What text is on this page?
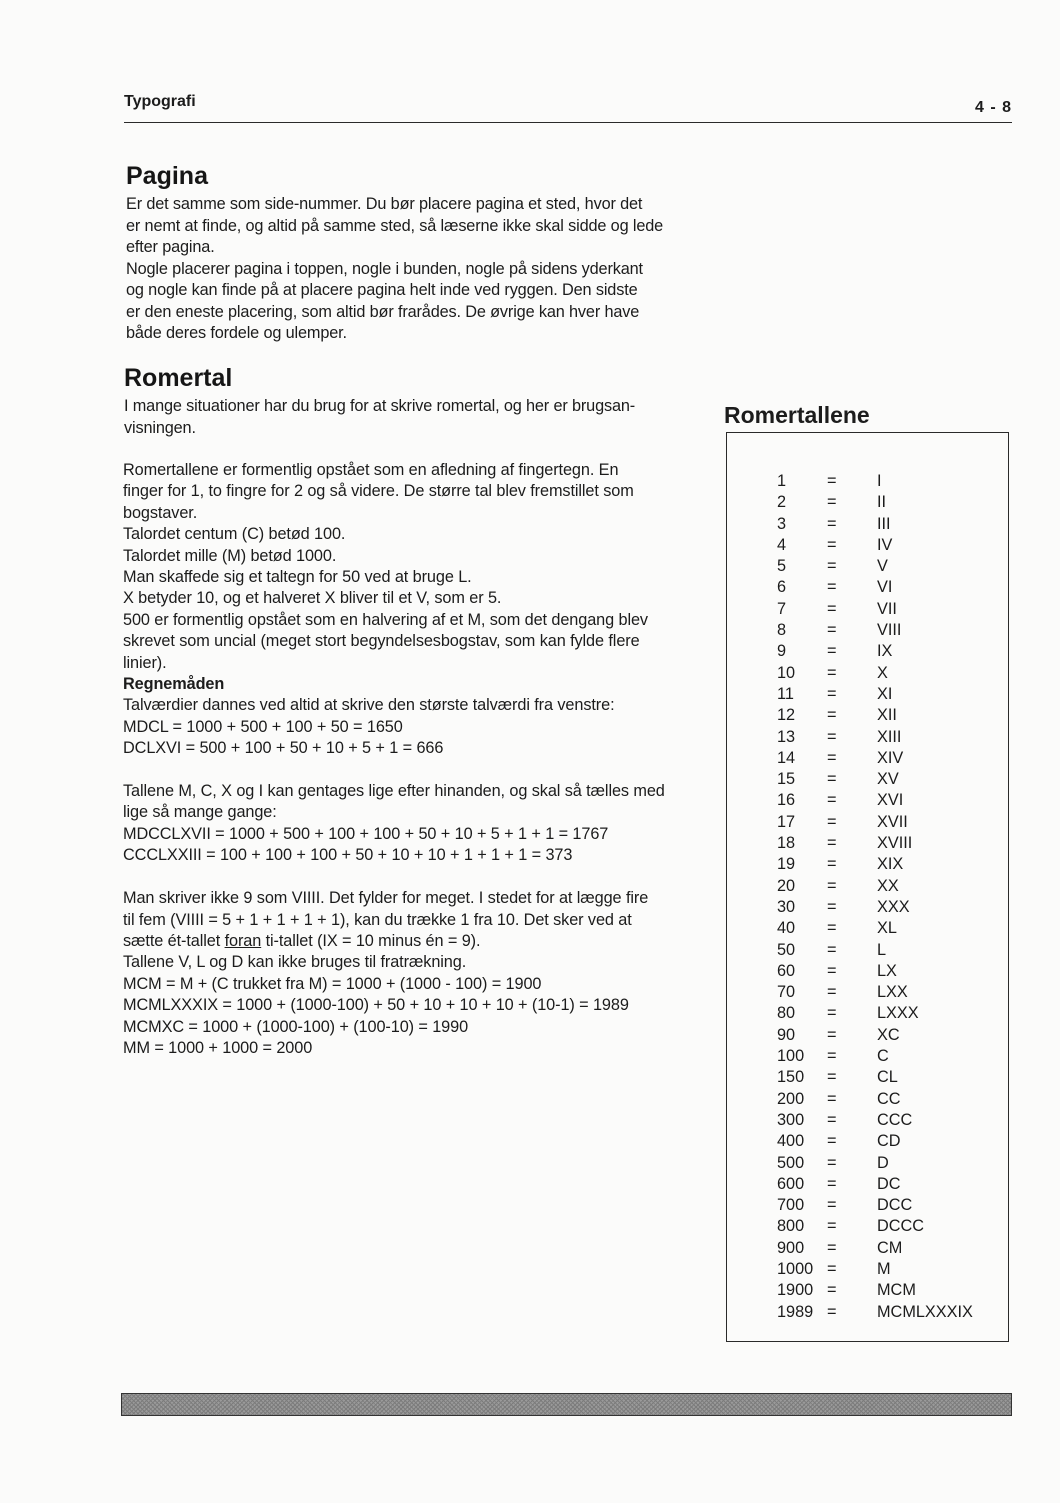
Typografi	4 - 8
Pagina
Er det samme som side-nummer. Du bør placere pagina et sted, hvor det
er nemt at finde, og altid på samme sted, så læserne ikke skal sidde og lede
efter pagina.
Nogle placerer pagina i toppen, nogle i bunden, nogle på sidens yderkant
og nogle kan finde på at placere pagina helt inde ved ryggen. Den sidste
er den eneste placering, som altid bør frarådes. De øvrige kan hver have
både deres fordele og ulemper.
Romertal
I mange situationer har du brug for at skrive romertal, og her er brugsan-
visningen.
Romertallene er formentlig opstået som en afledning af fingertegn. En
finger for 1, to fingre for 2 og så videre. De større tal blev fremstillet som
bogstaver.
Talordet centum (C) betød 100.
Talordet mille (M) betød 1000.
Man skaffede sig et taltegn for 50 ved at bruge L.
X betyder 10, og et halveret X bliver til et V, som er 5.
500 er formentlig opstået som en halvering af et M, som det dengang blev
skrevet som uncial (meget stort begyndelsesbogstav, som kan fylde flere
linier).
Regnemåden
Talværdier dannes ved altid at skrive den største talværdi fra venstre:
MDCL = 1000 + 500 + 100 + 50 = 1650
DCLXVI = 500 + 100 + 50 + 10 + 5 + 1 = 666
Tallene M, C, X og I kan gentages lige efter hinanden, og skal så tælles med
lige så mange gange:
MDCCLXVII = 1000 + 500 + 100 + 100 + 50 + 10 + 5 + 1 + 1 = 1767
CCCLXXIII = 100 + 100 + 100 + 50 + 10 + 10 + 1 + 1 + 1 = 373
Man skriver ikke 9 som VIIII. Det fylder for meget. I stedet for at lægge fire
til fem (VIIII = 5 + 1 + 1 + 1 + 1), kan du trække 1 fra 10. Det sker ved at
sætte ét-tallet foran ti-tallet (IX = 10 minus én = 9).
Tallene V, L og D kan ikke bruges til fratrækning.
MCM = M + (C trukket fra M) = 1000 + (1000 - 100) = 1900
MCMLXXXIX = 1000 + (1000-100) + 50 + 10 + 10 + 10 + (10-1) = 1989
MCMXC = 1000 + (1000-100) + (100-10) = 1990
MM = 1000 + 1000 = 2000
Romertallene
1	= I
2	= II
3	= III
4	= IV
5	= V
6	= VI
7	= VII
8	= VIII
9	= IX
10 = X
11 = XI
12 = XII
13 = XIII
14 = XIV
15 = XV
16 = XVI
17 = XVII
18 = XVIII
19 = XIX
20 = XX
30 = XXX
40 = XL
50 = L
60 = LX
70 = LXX
80 = LXXX
90 = XC
100 = C
150 = CL
200 = CC
300 = CCC
400 = CD
500 = D
600 = DC
700 = DCC
800 = DCCC
900 = CM
1000 = M
1900 = MCM
1989 = MCMLXXXIX
